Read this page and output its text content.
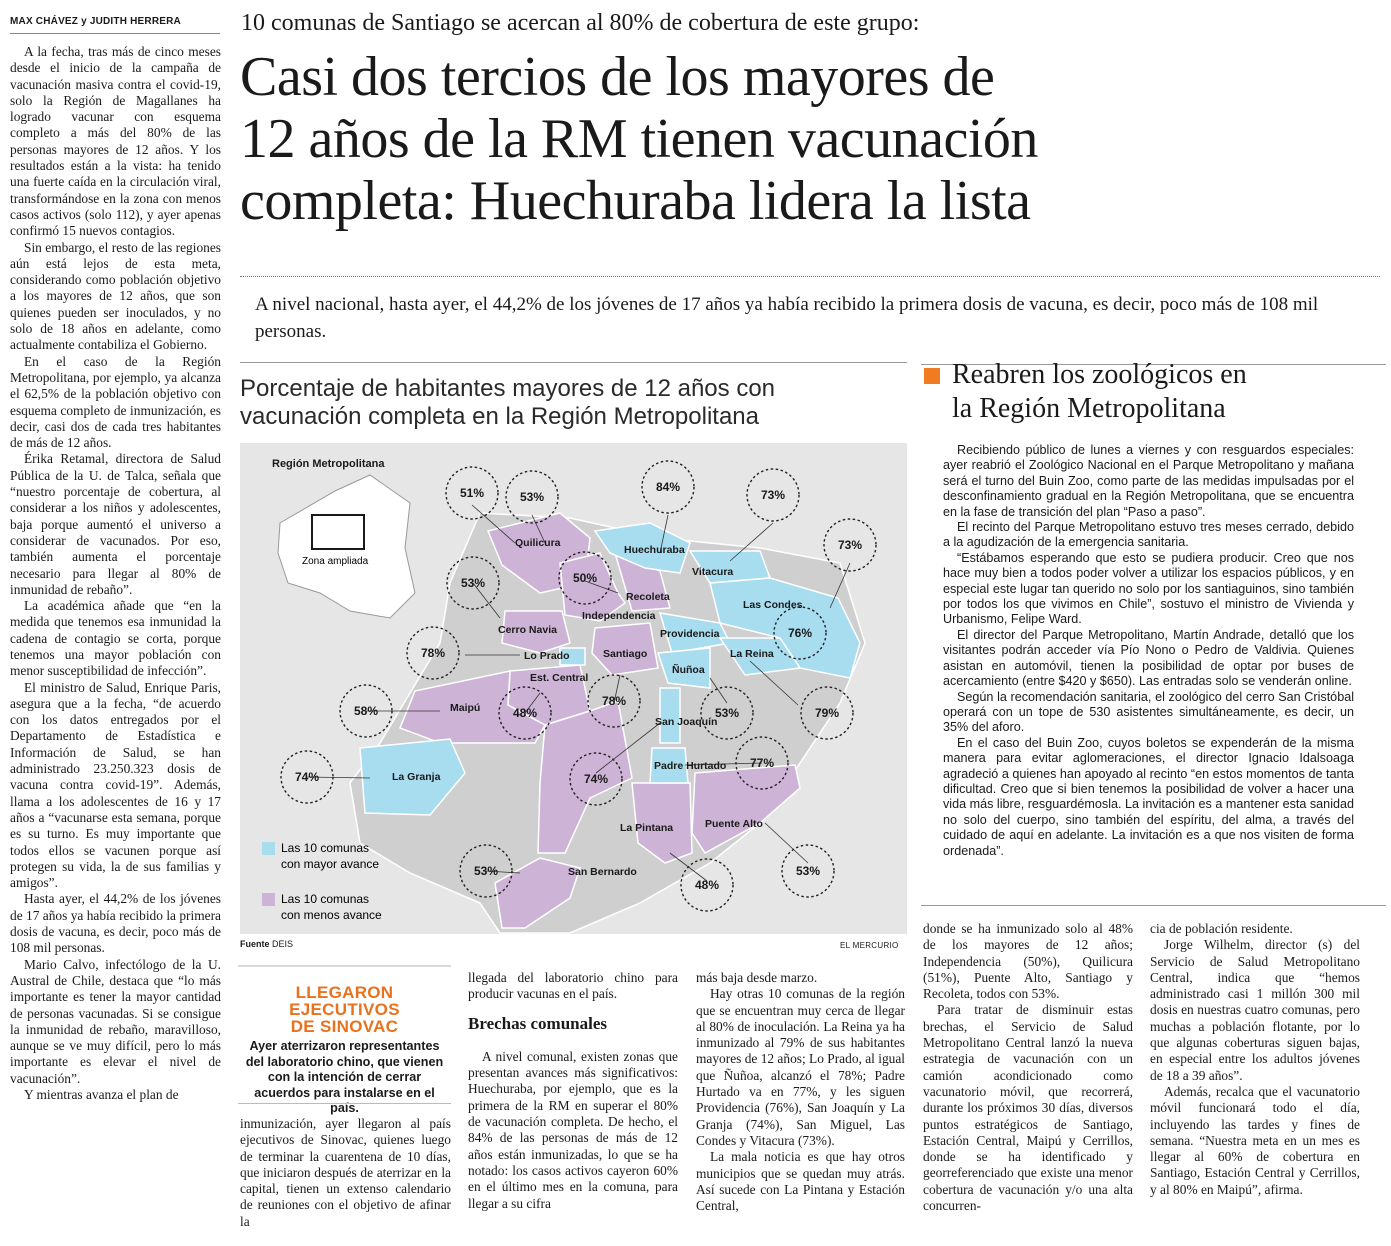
MAX CHÁVEZ y JUDITH HERRERA

A la fecha, tras más de cinco meses desde el inicio de la campaña de vacunación masiva contra el covid-19, solo la Región de Magallanes ha logrado vacunar con esquema completo a más del 80% de las personas mayores de 12 años. Y los resultados están a la vista: ha tenido una fuerte caída en la circulación viral, transformándose en la zona con menos casos activos (solo 112), y ayer apenas confirmó 15 nuevos contagios.

Sin embargo, el resto de las regiones aún está lejos de esta meta, considerando como población objetivo a los mayores de 12 años, que son quienes pueden ser inoculados, y no solo de 18 años en adelante, como actualmente contabiliza el Gobierno.

En el caso de la Región Metropolitana, por ejemplo, ya alcanza el 62,5% de la población objetivo con esquema completo de inmunización, es decir, casi dos de cada tres habitantes de más de 12 años.

Érika Retamal, directora de Salud Pública de la U. de Talca, señala que “nuestro porcentaje de cobertura, al considerar a los niños y adolescentes, baja porque aumentó el universo a considerar de vacunados. Por eso, también aumenta el porcentaje necesario para llegar al 80% de inmunidad de rebaño”.

La académica añade que “en la medida que tenemos esa inmunidad la cadena de contagio se corta, porque tenemos una mayor población con menor susceptibilidad de infección”.

El ministro de Salud, Enrique Paris, asegura que a la fecha, “de acuerdo con los datos entregados por el Departamento de Estadística e Información de Salud, se han administrado 23.250.323 dosis de vacuna contra covid-19”. Además, llama a los adolescentes de 16 y 17 años a “vacunarse esta semana, porque es su turno. Es muy importante que todos ellos se vacunen porque así protegen su vida, la de sus familias y amigos”.

Hasta ayer, el 44,2% de los jóvenes de 17 años ya había recibido la primera dosis de vacuna, es decir, poco más de 108 mil personas.

Mario Calvo, infectólogo de la U. Austral de Chile, destaca que “lo más importante es tener la mayor cantidad de personas vacunadas. Si se consigue la inmunidad de rebaño, maravilloso, aunque se ve muy difícil, pero lo más importante es elevar el nivel de vacunación”.

Y mientras avanza el plan de

10 comunas de Santiago se acercan al 80% de cobertura de este grupo:
Casi dos tercios de los mayores de
12 años de la RM tienen vacunación
completa: Huechuraba lidera la lista
A nivel nacional, hasta ayer, el 44,2% de los jóvenes de 17 años ya había recibido la primera dosis de vacuna, es decir, poco más de 108 mil personas.
Porcentaje de habitantes mayores de 12 años con
vacunación completa en la Región Metropolitana
Región Metropolitana
Zona ampliada
51%	53%
84%
73%
73%
50%
53%
76%
78%
53%	79%
78%
48%
58%
74%
77%
74%
48%
53%	53%
Quilicura
Huechuraba
Vitacura
Las Condes
Recoleta
Independencia
Cerro Navia	Providencia
Lo Prado	Santiago	La Reina
Ñuñoa
Est. Central
Maipú
San Joaquín
Padre Hurtado
La Granja
La Pintana	Puente Alto
San Bernardo
Las 10 comunas
con mayor avance
Las 10 comunas
con menos avance
Fuente DEIS	EL MERCURIO
Reabren los zoológicos en
la Región Metropolitana

Recibiendo público de lunes a viernes y con resguardos especiales: ayer reabrió el Zoológico Nacional en el Parque Metropolitano y mañana será el turno del Buin Zoo, como parte de las medidas impulsadas por el desconfinamiento gradual en la Región Metropolitana, que se encuentra en la fase de transición del plan “Paso a paso”.

El recinto del Parque Metropolitano estuvo tres meses cerrado, debido a la agudización de la emergencia sanitaria.

“Estábamos esperando que esto se pudiera producir. Creo que nos hace muy bien a todos poder volver a utilizar los espacios públicos, y en especial este lugar tan querido no solo por los santiaguinos, sino también por todos los que vivimos en Chile”, sostuvo el ministro de Vivienda y Urbanismo, Felipe Ward.

El director del Parque Metropolitano, Martín Andrade, detalló que los visitantes podrán acceder vía Pío Nono o Pedro de Valdivia. Quienes asistan en automóvil, tienen la posibilidad de optar por buses de acercamiento (entre $420 y $650). Las entradas solo se venderán online.

Según la recomendación sanitaria, el zoológico del cerro San Cristóbal operará con un tope de 530 asistentes simultáneamente, es decir, un 35% del aforo.

En el caso del Buin Zoo, cuyos boletos se expenderán de la misma manera para evitar aglomeraciones, el director Ignacio Idalsoaga agradeció a quienes han apoyado al recinto “en estos momentos de tanta dificultad. Creo que si bien tenemos la posibilidad de volver a hacer una vida más libre, resguardémosla. La invitación es a mantener esta sanidad no solo del cuerpo, sino también del espíritu, del alma, a través del cuidado de aquí en adelante. La invitación es a que nos visiten de forma ordenada”.

LLEGARON EJECUTIVOS
DE SINOVAC
Ayer aterrizaron representantes del laboratorio chino, que vienen con la intención de cerrar acuerdos para instalarse en el país.

inmunización, ayer llegaron al país ejecutivos de Sinovac, quienes luego de terminar la cuarentena de 10 días, que iniciaron después de aterrizar en la capital, tienen un extenso calendario de reuniones con el objetivo de afinar la

llegada del laboratorio chino para producir vacunas en el país.

Brechas comunales

A nivel comunal, existen zonas que presentan avances más significativos: Huechuraba, por ejemplo, que es la primera de la RM en superar el 80% de vacunación completa. De hecho, el 84% de las personas de más de 12 años están inmunizadas, lo que se ha notado: los casos activos cayeron 60% en el último mes en la comuna, para llegar a su cifra

más baja desde marzo.

Hay otras 10 comunas de la región que se encuentran muy cerca de llegar al 80% de inoculación. La Reina ya ha inmunizado al 79% de sus habitantes mayores de 12 años; Lo Prado, al igual que Ñuñoa, alcanzó el 78%; Padre Hurtado va en 77%, y les siguen Providencia (76%), San Joaquín y La Granja (74%), San Miguel, Las Condes y Vitacura (73%).

La mala noticia es que hay otros municipios que se quedan muy atrás. Así sucede con La Pintana y Estación Central,

donde se ha inmunizado solo al 48% de los mayores de 12 años; Independencia (50%), Quilicura (51%), Puente Alto, Santiago y Recoleta, todos con 53%.

Para tratar de disminuir estas brechas, el Servicio de Salud Metropolitano Central lanzó la nueva estrategia de vacunación con un camión acondicionado como vacunatorio móvil, que recorrerá, durante los próximos 30 días, diversos puntos estratégicos de Santiago, Estación Central, Maipú y Cerrillos, donde se ha identificado y georreferenciado que existe una menor cobertura de vacunación y/o una alta concurren-

cia de población residente.

Jorge Wilhelm, director (s) del Servicio de Salud Metropolitano Central, indica que “hemos administrado casi 1 millón 300 mil dosis en nuestras cuatro comunas, pero muchas a población flotante, por lo que algunas coberturas siguen bajas, en especial entre los adultos jóvenes de 18 a 39 años”.

Además, recalca que el vacunatorio móvil funcionará todo el día, incluyendo las tardes y fines de semana. “Nuestra meta en un mes es llegar al 60% de cobertura en Santiago, Estación Central y Cerrillos, y al 80% en Maipú”, afirma.
